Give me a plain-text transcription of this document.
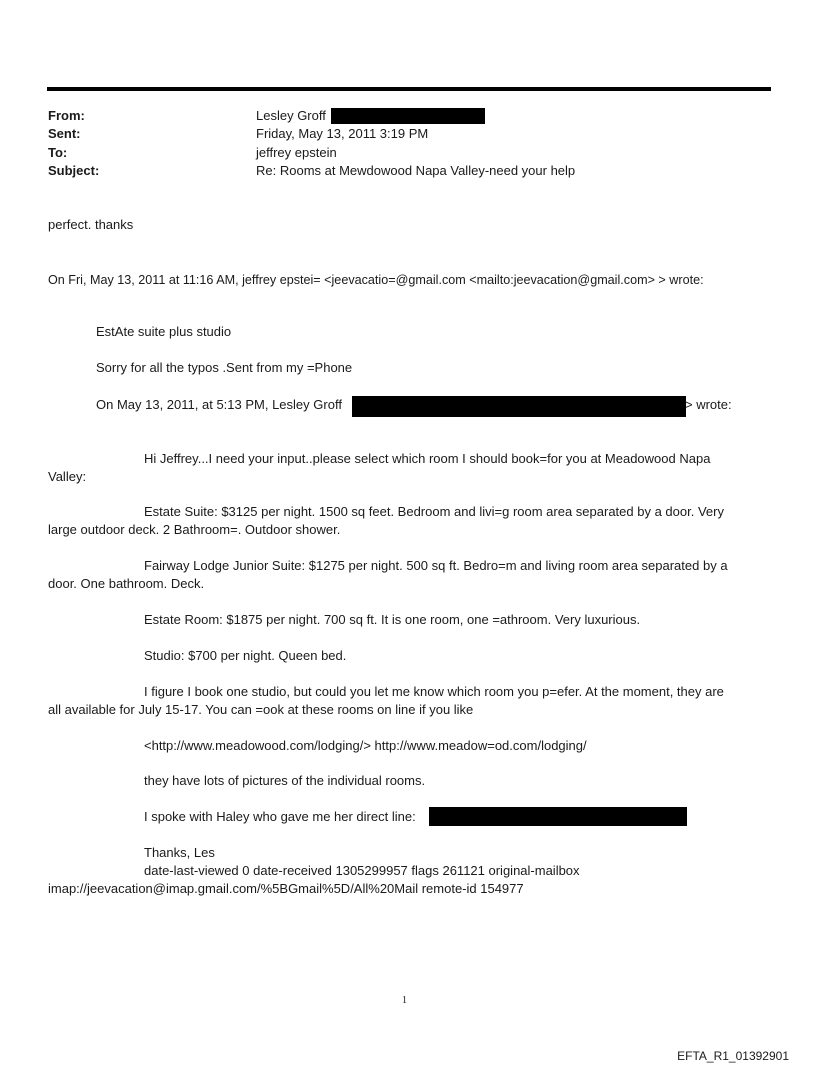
From:	Lesley Groff
Sent:	Friday, May 13, 2011 3:19 PM
To:	jeffrey epstein
Subject:	Re: Rooms at Mewdowood Napa Valley-need your help
perfect. thanks
On Fri, May 13, 2011 at 11:16 AM, jeffrey epstei= <jeevacatio=@gmail.com <mailto:jeevacation@gmail.com> > wrote:
EstAte suite plus studio
Sorry for all the typos .Sent from my =Phone
On May 13, 2011, at 5:13 PM, Lesley Groff	> wrote:
Hi Jeffrey...I need your input..please select which room I should book=for you at Meadowood Napa
Valley:
Estate Suite: $3125 per night. 1500 sq feet. Bedroom and livi=g room area separated by a door. Very
large outdoor deck. 2 Bathroom=. Outdoor shower.
Fairway Lodge Junior Suite: $1275 per night. 500 sq ft. Bedro=m and living room area separated by a
door. One bathroom. Deck.
Estate Room: $1875 per night. 700 sq ft. It is one room, one =athroom. Very luxurious.
Studio: $700 per night. Queen bed.
I figure I book one studio, but could you let me know which room you p=efer. At the moment, they are
all available for July 15-17. You can =ook at these rooms on line if you like
<http://www.meadowood.com/lodging/> http://www.meadow=od.com/lodging/
they have lots of pictures of the individual rooms.
I spoke with Haley who gave me her direct line:
Thanks, Les
date-last-viewed 0 date-received 1305299957 flags 261121 original-mailbox
imap://jeevacation@imap.gmail.com/%5BGmail%5D/All%20Mail remote-id 154977
1
EFTA_R1_01392901
